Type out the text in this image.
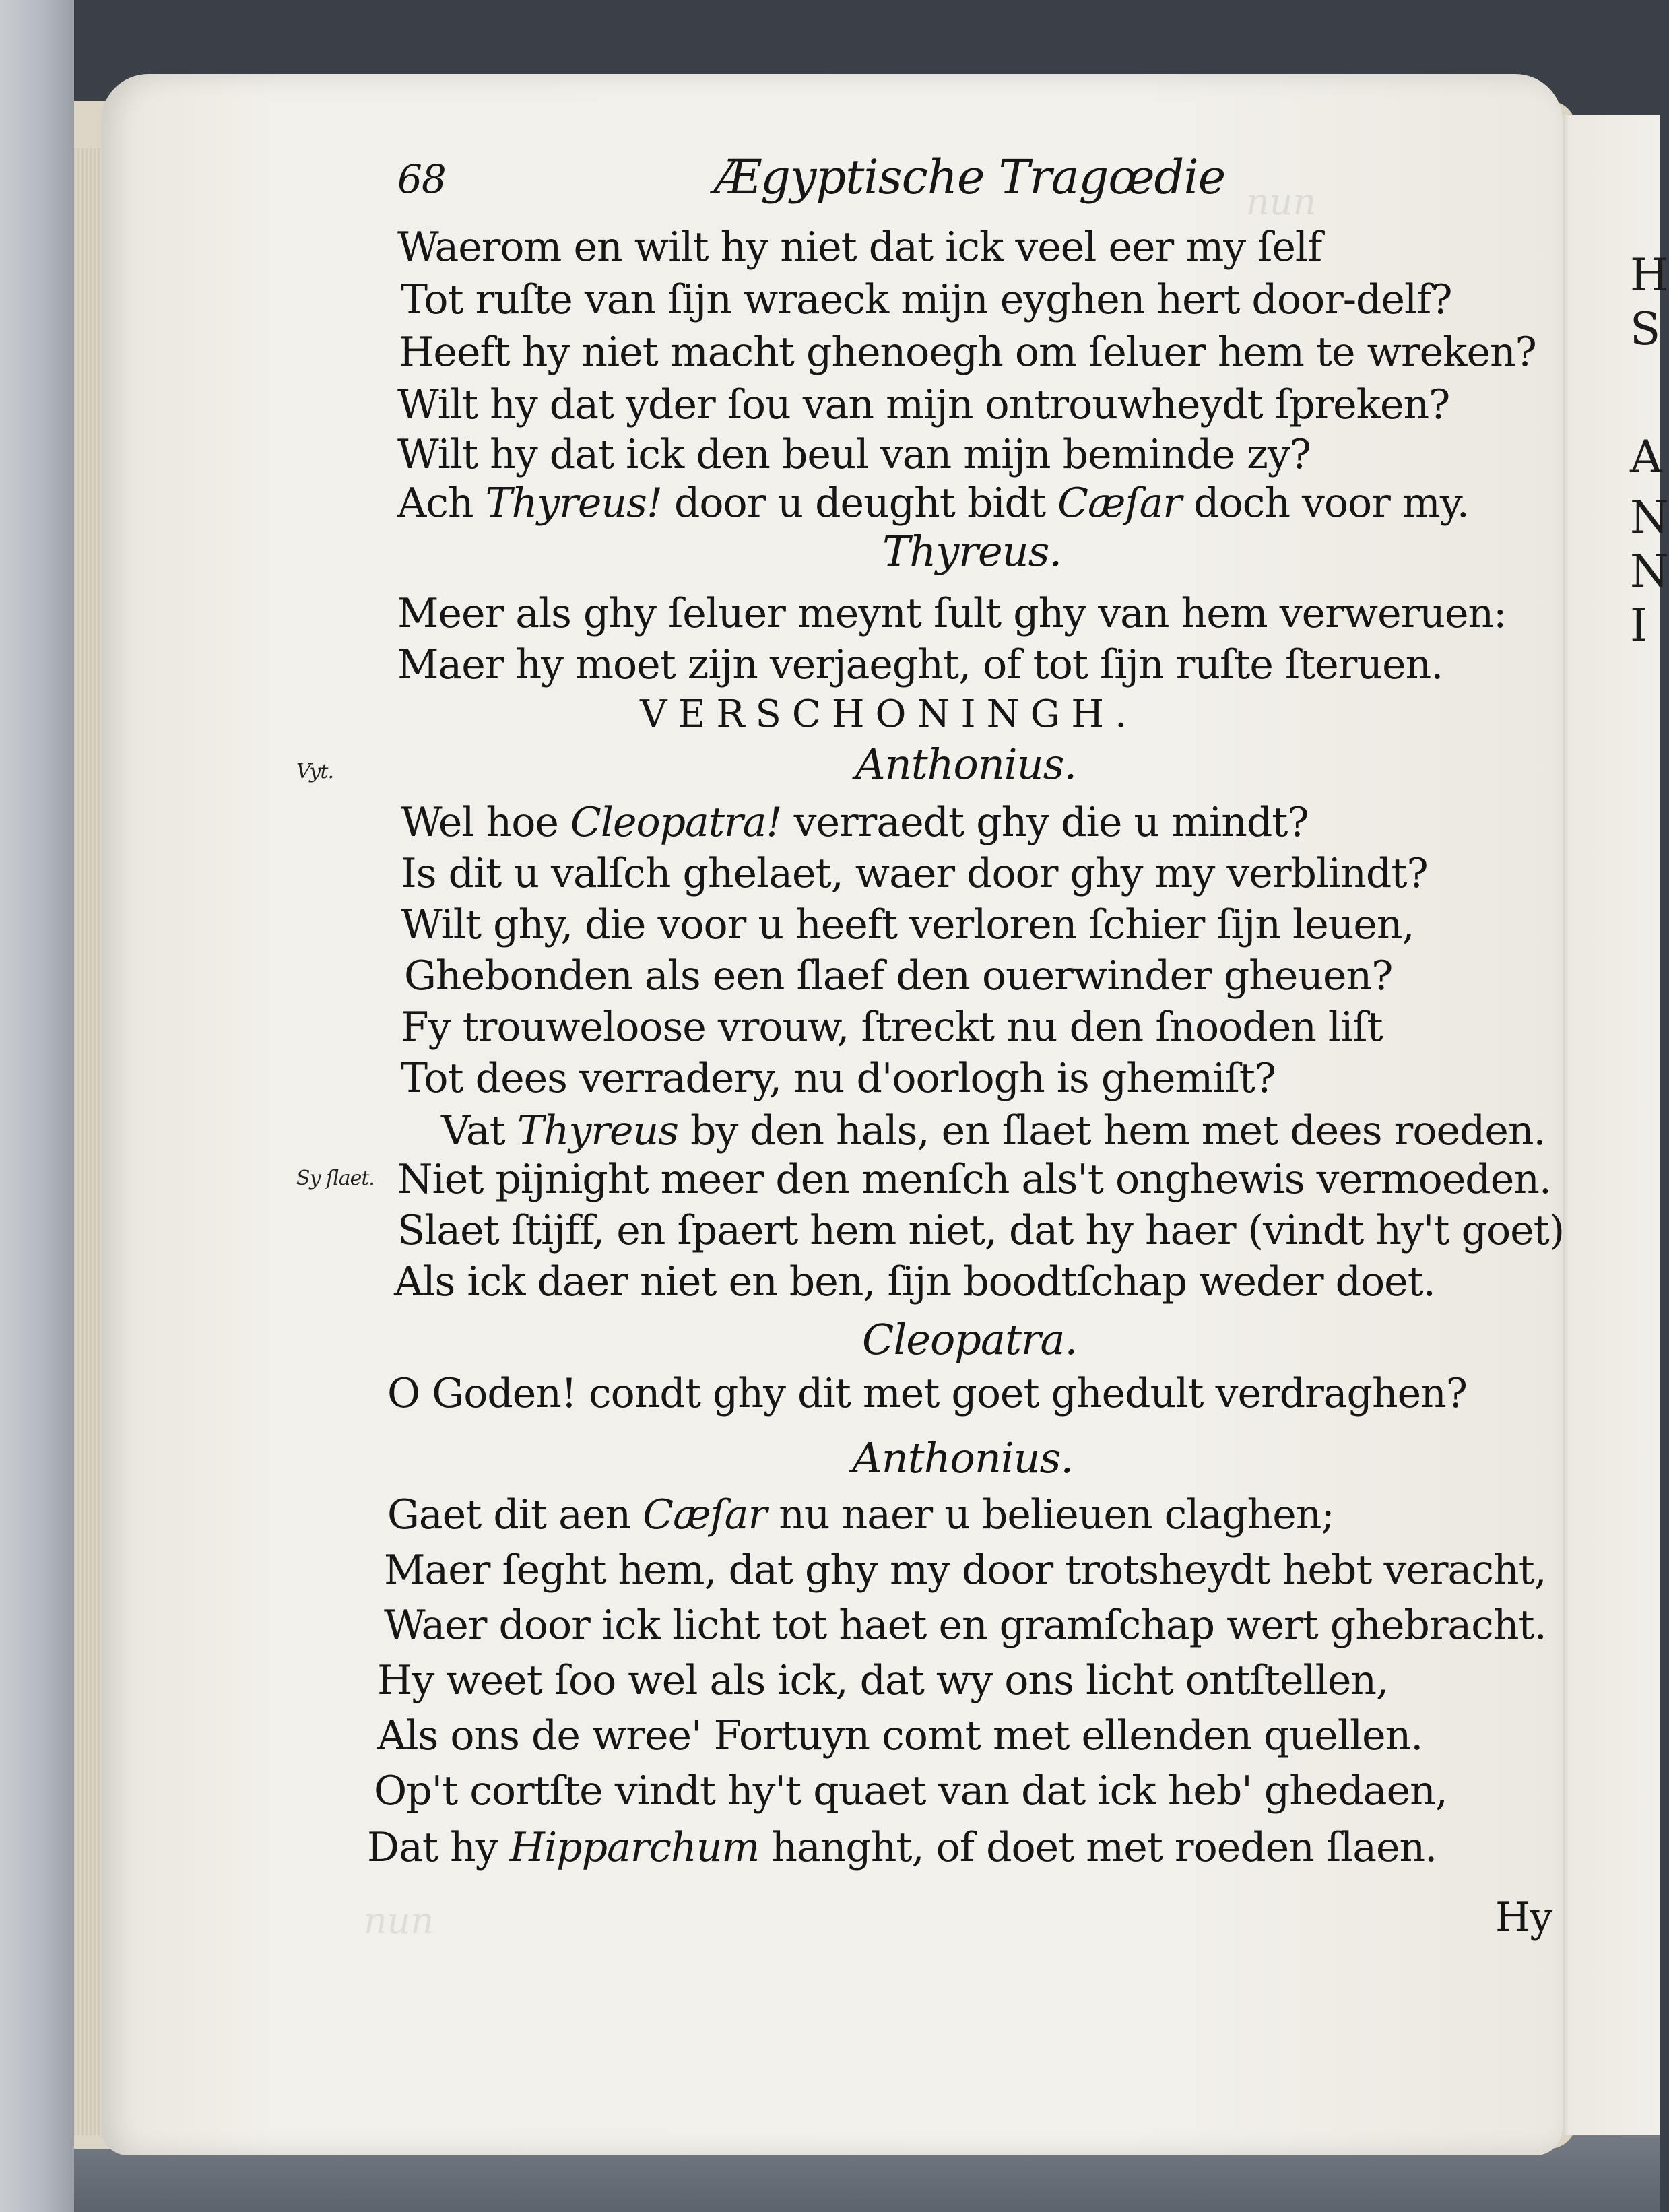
H
S
A
N
N
I
nun
nun
68	Ægyptische Tragœdie
Waerom en wilt hy niet dat ick veel eer my ſelf
Tot ruſte van ſijn wraeck mijn eyghen hert door-delf?
Heeft hy niet macht ghenoegh om ſeluer hem te wreken?
Wilt hy dat yder ſou van mijn ontrouwheydt ſpreken?
Wilt hy dat ick den beul van mijn beminde zy?
Ach Thyreus! door u deught bidt Cæſar doch voor my.
Thyreus.
Meer als ghy ſeluer meynt ſult ghy van hem verweruen:
Maer hy moet zijn verjaeght, of tot ſijn ruſte ſteruen.
VERSCHONINGH.
Anthonius.
Vyt.
Wel hoe Cleopatra! verraedt ghy die u mindt?
Is dit u valſch ghelaet, waer door ghy my verblindt?
Wilt ghy, die voor u heeft verloren ſchier ſijn leuen,
Ghebonden als een ſlaef den ouerwinder gheuen?
Fy trouweloose vrouw, ſtreckt nu den ſnooden liſt
Tot dees verradery, nu d'oorlogh is ghemiſt?
Vat Thyreus by den hals, en ſlaet hem met dees roeden.
Sy ſlaet. Niet pijnight meer den menſch als't onghewis vermoeden.
Slaet ſtijff, en ſpaert hem niet, dat hy haer (vindt hy't goet)
Als ick daer niet en ben, ſijn boodtſchap weder doet.
Cleopatra.
O Goden! condt ghy dit met goet ghedult verdraghen?
Anthonius.
Gaet dit aen Cæſar nu naer u belieuen claghen;
Maer ſeght hem, dat ghy my door trotsheydt hebt veracht,
Waer door ick licht tot haet en gramſchap wert ghebracht.
Hy weet ſoo wel als ick, dat wy ons licht ontſtellen,
Als ons de wree' Fortuyn comt met ellenden quellen.
Op't cortſte vindt hy't quaet van dat ick heb' ghedaen,
Dat hy Hipparchum hanght, of doet met roeden ſlaen.
Hy
